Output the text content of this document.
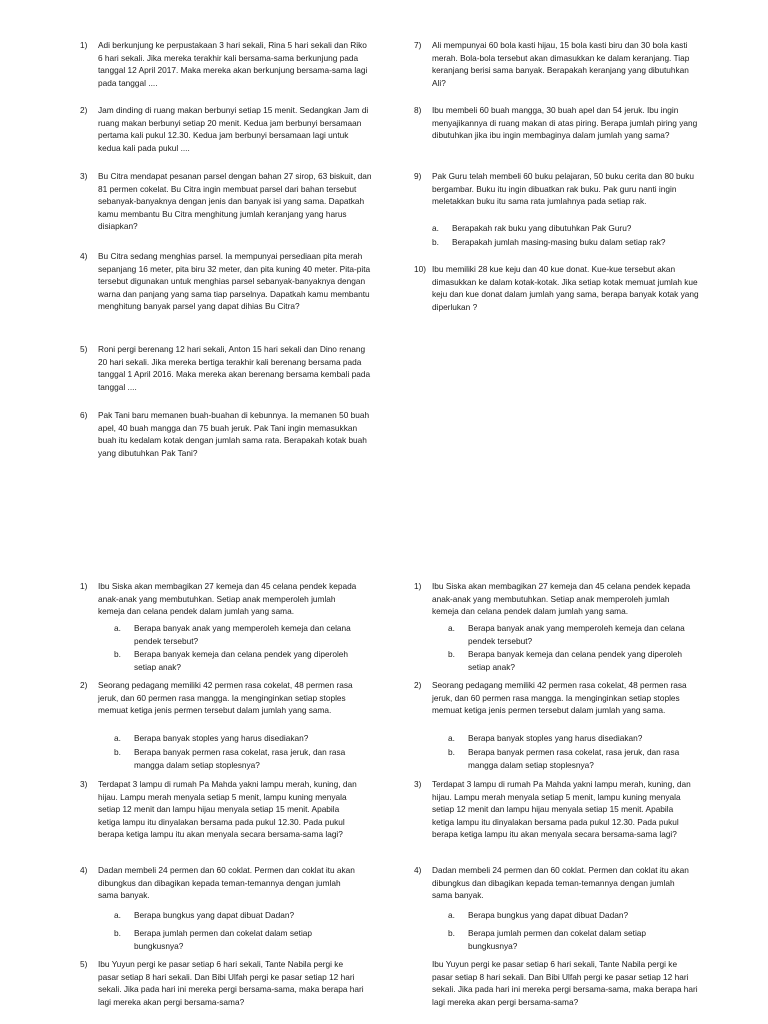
1) Adi berkunjung ke perpustakaan 3 hari sekali, Rina 5 hari sekali dan Riko 6 hari sekali. Jika mereka terakhir kali bersama-sama berkunjung pada tanggal 12 April 2017. Maka mereka akan berkunjung bersama-sama lagi pada tanggal ....
2) Jam dinding di ruang makan berbunyi setiap 15 menit. Sedangkan Jam di ruang makan berbunyi setiap 20 menit. Kedua jam berbunyi bersamaan pertama kali pukul 12.30. Kedua jam berbunyi bersamaan lagi untuk kedua kali pada pukul ....
3) Bu Citra mendapat pesanan parsel dengan bahan 27 sirop, 63 biskuit, dan 81 permen cokelat. Bu Citra ingin membuat parsel dari bahan tersebut sebanyak-banyaknya dengan jenis dan banyak isi yang sama. Dapatkah kamu membantu Bu Citra menghitung jumlah keranjang yang harus disiapkan?
4) Bu Citra sedang menghias parsel. Ia mempunyai persediaan pita merah sepanjang 16 meter, pita biru 32 meter, dan pita kuning 40 meter. Pita-pita tersebut digunakan untuk menghias parsel sebanyak-banyaknya dengan warna dan panjang yang sama tiap parselnya. Dapatkah kamu membantu menghitung banyak parsel yang dapat dihias Bu Citra?
5) Roni pergi berenang 12 hari sekali, Anton 15 hari sekali dan Dino renang 20 hari sekali. Jika mereka bertiga terakhir kali berenang bersama pada tanggal 1 April 2016. Maka mereka akan berenang bersama kembali pada tanggal ....
6) Pak Tani baru memanen buah-buahan di kebunnya. Ia memanen 50 buah apel, 40 buah mangga dan 75 buah jeruk. Pak Tani ingin memasukkan buah itu kedalam kotak dengan jumlah sama rata. Berapakah kotak buah yang dibutuhkan Pak Tani?
7) Ali mempunyai 60 bola kasti hijau, 15 bola kasti biru dan 30 bola kasti merah. Bola-bola tersebut akan dimasukkan ke dalam keranjang. Tiap keranjang berisi sama banyak. Berapakah keranjang yang dibutuhkan Ali?
8) Ibu membeli 60 buah mangga, 30 buah apel dan 54 jeruk. Ibu ingin menyajikannya di ruang makan di atas piring. Berapa jumlah piring yang dibutuhkan jika ibu ingin membaginya dalam jumlah yang sama?
9) Pak Guru telah membeli 60 buku pelajaran, 50 buku cerita dan 80 buku bergambar. Buku itu ingin dibuatkan rak buku. Pak guru nanti ingin meletakkan buku itu sama rata jumlahnya pada setiap rak.
a. Berapakah rak buku yang dibutuhkan Pak Guru?
b. Berapakah jumlah masing-masing buku dalam setiap rak?
10) Ibu memiliki 28 kue keju dan 40 kue donat. Kue-kue tersebut akan dimasukkan ke dalam kotak-kotak. Jika setiap kotak memuat jumlah kue keju dan kue donat dalam jumlah yang sama, berapa banyak kotak yang diperlukan ?
1) Ibu Siska akan membagikan 27 kemeja dan 45 celana pendek kepada anak-anak yang membutuhkan. Setiap anak memperoleh jumlah kemeja dan celana pendek dalam jumlah yang sama.
a. Berapa banyak anak yang memperoleh kemeja dan celana pendek tersebut?
b. Berapa banyak kemeja dan celana pendek yang diperoleh setiap anak?
2) Seorang pedagang memiliki 42 permen rasa cokelat, 48 permen rasa jeruk, dan 60 permen rasa mangga. Ia menginginkan setiap stoples memuat ketiga jenis permen tersebut dalam jumlah yang sama.
a. Berapa banyak stoples yang harus disediakan?
b. Berapa banyak permen rasa cokelat, rasa jeruk, dan rasa mangga dalam setiap stoplesnya?
3) Terdapat 3 lampu di rumah Pa Mahda yakni lampu merah, kuning, dan hijau. Lampu merah menyala setiap 5 menit, lampu kuning menyala setiap 12 menit dan lampu hijau menyala setiap 15 menit. Apabila ketiga lampu itu dinyalakan bersama pada pukul 12.30. Pada pukul berapa ketiga lampu itu akan menyala secara bersama-sama lagi?
4) Dadan membeli 24 permen dan 60 coklat. Permen dan coklat itu akan dibungkus dan dibagikan kepada teman-temannya dengan jumlah sama banyak.
a. Berapa bungkus yang dapat dibuat Dadan?
b. Berapa jumlah permen dan cokelat dalam setiap bungkusnya?
5) Ibu Yuyun pergi ke pasar setiap 6 hari sekali, Tante Nabila pergi ke pasar setiap 8 hari sekali. Dan Bibi Ulfah pergi ke pasar setiap 12 hari sekali. Jika pada hari ini mereka pergi bersama-sama, maka berapa hari lagi mereka akan pergi bersama-sama?
1) Ibu Siska akan membagikan 27 kemeja dan 45 celana pendek kepada anak-anak yang membutuhkan. Setiap anak memperoleh jumlah kemeja dan celana pendek dalam jumlah yang sama.
a. Berapa banyak anak yang memperoleh kemeja dan celana pendek tersebut?
b. Berapa banyak kemeja dan celana pendek yang diperoleh setiap anak?
2) Seorang pedagang memiliki 42 permen rasa cokelat, 48 permen rasa jeruk, dan 60 permen rasa mangga. Ia menginginkan setiap stoples memuat ketiga jenis permen tersebut dalam jumlah yang sama.
a. Berapa banyak stoples yang harus disediakan?
b. Berapa banyak permen rasa cokelat, rasa jeruk, dan rasa mangga dalam setiap stoplesnya?
3) Terdapat 3 lampu di rumah Pa Mahda yakni lampu merah, kuning, dan hijau. Lampu merah menyala setiap 5 menit, lampu kuning menyala setiap 12 menit dan lampu hijau menyala setiap 15 menit. Apabila ketiga lampu itu dinyalakan bersama pada pukul 12.30. Pada pukul berapa ketiga lampu itu akan menyala secara bersama-sama lagi?
4) Dadan membeli 24 permen dan 60 coklat. Permen dan coklat itu akan dibungkus dan dibagikan kepada teman-temannya dengan jumlah sama banyak.
a. Berapa bungkus yang dapat dibuat Dadan?
b. Berapa jumlah permen dan cokelat dalam setiap bungkusnya?
Ibu Yuyun pergi ke pasar setiap 6 hari sekali, Tante Nabila pergi ke pasar setiap 8 hari sekali. Dan Bibi Ulfah pergi ke pasar setiap 12 hari sekali. Jika pada hari ini mereka pergi bersama-sama, maka berapa hari lagi mereka akan pergi bersama-sama?
